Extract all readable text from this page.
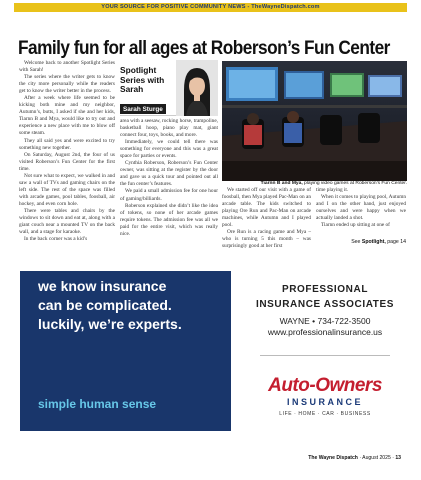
YOUR SOURCE FOR POSITIVE COMMUNITY NEWS - TheWayneDispatch.com
Family fun for all ages at Roberson’s Fun Center

Welcome back to another Spotlight Series with Sarah!

The series where the writer gets to know the city more personally while the readers get to know the writer better in the process.

After a week where life seemed to be kicking both mine and my neighbor, Autumn’s, butts, I asked if she and her kids, Tiarnn B and Mya, would like to try out and experience a new place with me to blow off some steam.

They all said yes and were excited to try something new together.

On Saturday, August 2nd, the four of us visited Roberson’s Fun Center for the first time.

Not sure what to expect, we walked in and saw a wall of TVs and gaming chairs on the left side. The rest of the space was filled with arcade games, pool tables, foosball, air hockey, and even corn hole.

There were tables and chairs by the windows to sit down and eat at, along with a giant couch near a mounted TV on the back wall, and a stage for karaoke.

In the back corner was a kid’s

Spotlight Series with Sarah
Sarah Sturge

area with a seesaw, rocking horse, trampoline, basketball hoop, piano play mat, giant connect four, toys, books, and more.

Immediately, we could tell there was something for everyone and this was a great space for parties or events.

Cynthia Roberson, Roberson’s Fun Center owner, was sitting at the register by the door and gave us a quick tour and pointed out all the fun center’s features.

We paid a small admission fee for one hour of gaming/billiards.

Roberson explained she didn’t like the idea of tokens, so none of her arcade games require tokens. The admission fee was all we paid for the entire visit, which was really nice.

Tiarnn B and Mya, playing video games at Roberson’s Fun Center.

We started off our visit with a game of foosball, then Mya played Pac-Man on an arcade table. The kids switched to playing Ore Run and Pac-Man on arcade machines, while Autumn and I played pool.

Ore Run is a racing game and Mya – who is turning 5 this month – was surprisingly good at her first

time playing it.

When it comes to playing pool, Autumn and I on the other hand, just enjoyed ourselves and were happy when we actually landed a shot.

Tiarnn ended up sitting at one of

See Spotlight, page 14
we know insurance
can be complicated.
luckily, we’re experts.
simple human sense
PROFESSIONAL
INSURANCE ASSOCIATES
WAYNE • 734-722-3500
www.professionalinsurance.us
Auto-Owners
INSURANCE
LIFE · HOME · CAR · BUSINESS
The Wayne Dispatch · August 2025 · 13
